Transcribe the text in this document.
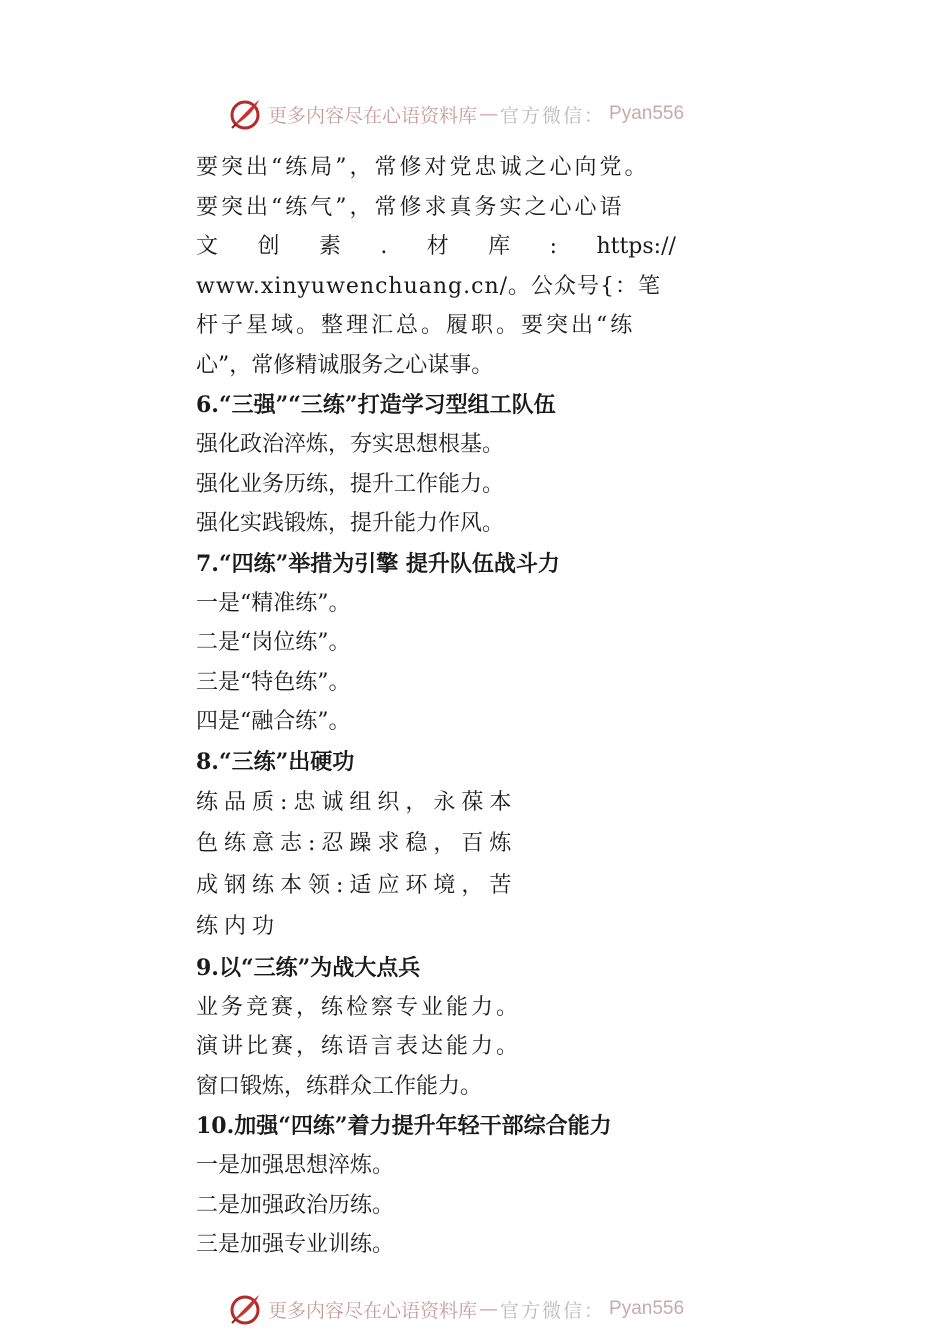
更多内容尽在心语资料库 — 官方微信： Pyan556
要突出“练局”，常修对党忠诚之心向党。
要突出“练气”，常修求真务实之心心语
文 创 素 . 材 库 : https://
www.xinyuwenchuang.cn/。公众号{：笔
杆子星域。整理汇总。履职。要突出“练
心”，常修精诚服务之心谋事。
6.“三强”“三练”打造学习型组工队伍
强化政治淬炼，夯实思想根基。
强化业务历练，提升工作能力。
强化实践锻炼，提升能力作风。
7.“四练”举措为引擎 提升队伍战斗力
一是“精准练”。
二是“岗位练”。
三是“特色练”。
四是“融合练”。
8.“三练”出硬功
练品质:忠诚组织，永葆本
色练意志:忍躁求稳，百炼
成钢练本领:适应环境，苦
练内功
9.以“三练”为战大点兵
业务竞赛，练检察专业能力。
演讲比赛，练语言表达能力。
窗口锻炼，练群众工作能力。
10.加强“四练”着力提升年轻干部综合能力
一是加强思想淬炼。
二是加强政治历练。
三是加强专业训练。
更多内容尽在心语资料库 — 官方微信： Pyan556
